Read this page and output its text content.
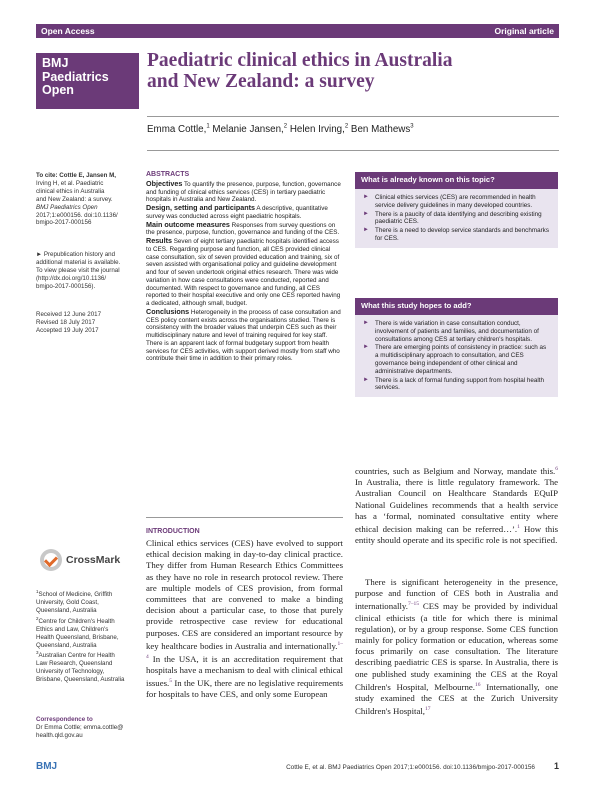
Open Access	Original article
BMJ
Paediatrics
Open
Paediatric clinical ethics in Australia
and New Zealand: a survey
Emma Cottle,$^1$ Melanie Jansen,$^2$ Helen Irving,$^2$ Ben Mathews$^3$
To cite: Cottle E, Jansen M,
Irving H, et al. Paediatric
clinical ethics in Australia
and New Zealand: a survey.
BMJ Paediatrics Open
2017;1:e000156. doi:10.1136/
bmjpo-2017-000156
► Prepublication history and
additional material is available.
To view please visit the journal
(http://dx.doi.org/10.1136/
bmjpo-2017-000156).
Received 12 June 2017
Revised 18 July 2017
Accepted 19 July 2017
CrossMark
$^1$School of Medicine, Griffith
University, Gold Coast,
Queensland, Australia
$^2$Centre for Children's Health
Ethics and Law, Children's
Health Queensland, Brisbane,
Queensland, Australia
$^3$Australian Centre for Health
Law Research, Queensland
University of Technology,
Brisbane, Queensland, Australia
Correspondence to
Dr Emma Cottle; emma.cottle@
health.qld.gov.au
ABSTRACTS
Objectives To quantify the presence, purpose, function, governance and funding of clinical ethics services (CES) in tertiary paediatric hospitals in Australia and New Zealand.
Design, setting and participants A descriptive, quantitative survey was conducted across eight paediatric hospitals.
Main outcome measures Responses from survey questions on the presence, purpose, function, governance and funding of the CES.
Results Seven of eight tertiary paediatric hospitals identified access to CES. Regarding purpose and function, all CES provided clinical case consultation, six of seven provided education and training, six of seven assisted with organisational policy and guideline development and four of seven undertook original ethics research. There was wide variation in how case consultations were conducted, reported and documented. With respect to governance and funding, all CES reported to their hospital executive and only one CES reported having a dedicated, although small, budget.
Conclusions Heterogeneity in the process of case consultation and CES policy content exists across the organisations studied. There is consistency with the broader values that underpin CES such as their multidisciplinary nature and level of training required for key staff. There is an apparent lack of formal budgetary support from health services for CES activities, with support derived mostly from staff who contribute their time in addition to their primary roles.
What is already known on this topic?
► Clinical ethics services (CES) are recommended in health service delivery guidelines in many developed countries.
► There is a paucity of data identifying and describing existing paediatric CES.
► There is a need to develop service standards and benchmarks for CES.
What this study hopes to add?
► There is wide variation in case consultation conduct, involvement of patients and families, and documentation of consultations among CES at tertiary children's hospitals.
► There are emerging points of consistency in practice: such as a multidisciplinary approach to consultation, and CES governance being independent of other clinical and administrative departments.
► There is a lack of formal funding support from hospital health services.
INTRODUCTION
Clinical ethics services (CES) have evolved to support ethical decision making in day-to-day clinical practice. They differ from Human Research Ethics Committees as they have no role in research protocol review. There are multiple models of CES provision, from formal committees that are convened to make a binding decision about a particular case, to those that purely provide retrospective case review for educational purposes. CES are considered an important resource by key healthcare bodies in Australia and internationally.$^{1-4}$ In the USA, it is an accreditation requirement that hospitals have a mechanism to deal with clinical ethical issues.$^5$ In the UK, there are no legislative requirements for hospitals to have CES, and only some European
countries, such as Belgium and Norway, mandate this.$^6$ In Australia, there is little regulatory framework. The Australian Council on Healthcare Standards EQuIP National Guidelines recommends that a health service has a ‘formal, nominated consultative entity where ethical decision making can be referred…’.$^1$ How this entity should operate and its specific role is not specified.
There is significant heterogeneity in the presence, purpose and function of CES both in Australia and internationally.$^{7-15}$ CES may be provided by individual clinical ethicists (a title for which there is minimal regulation), or by a group response. Some CES function mainly for policy formation or education, whereas some focus primarily on case consultation. The literature describing paediatric CES is sparse. In Australia, there is one published study examining the CES at the Royal Children's Hospital, Melbourne.$^{16}$ Internationally, one study examined the CES at the Zurich University Children's Hospital,$^{17}$
BMJ	Cottle E, et al. BMJ Paediatrics Open 2017;1:e000156. doi:10.1136/bmjpo-2017-000156 1
